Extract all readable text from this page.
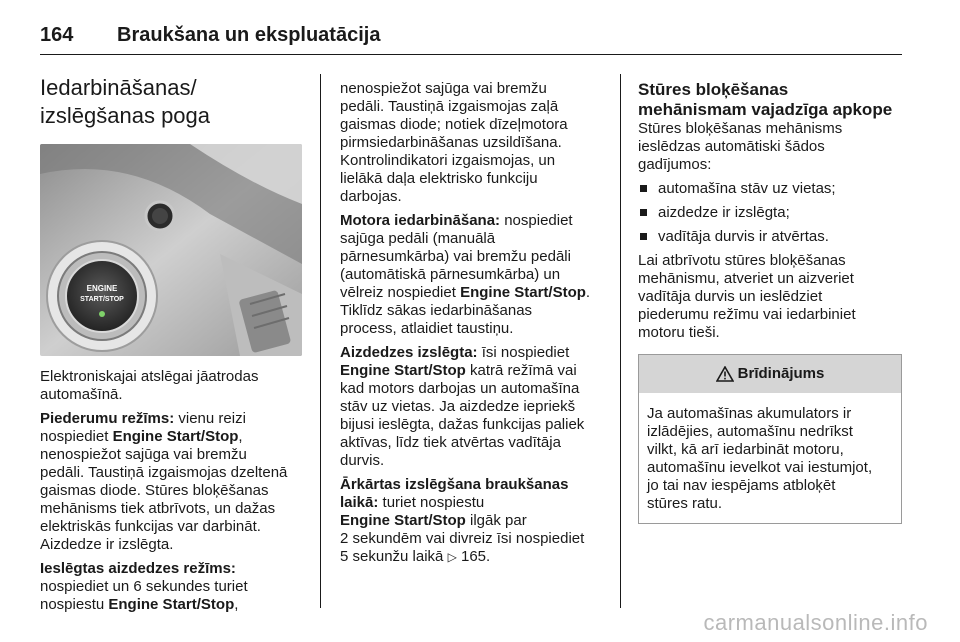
164 Braukšana un ekspluatācija
Iedarbināšanas/
izslēgšanas poga
ENGINE
START/STOP

Elektroniskajai atslēgai jāatrodas
automašīnā.

Piederumu režīms: vienu reizi
nospiediet Engine Start/Stop,
nenospiežot sajūga vai bremžu
pedāli. Taustiņā izgaismojas dzeltenā
gaismas diode. Stūres bloķēšanas
mehānisms tiek atbrīvots, un dažas
elektriskās funkcijas var darbināt.
Aizdedze ir izslēgta.

Ieslēgtas aizdedzes režīms:
nospiediet un 6 sekundes turiet
nospiestu Engine Start/Stop,

nenospiežot sajūga vai bremžu
pedāli. Taustiņā izgaismojas zaļā
gaismas diode; notiek dīzeļmotora
pirmsiedarbināšanas uzsildīšana.
Kontrolindikatori izgaismojas, un
lielākā daļa elektrisko funkciju
darbojas.

Motora iedarbināšana: nospiediet
sajūga pedāli (manuālā
pārnesumkārba) vai bremžu pedāli
(automātiskā pārnesumkārba) un
vēlreiz nospiediet Engine Start/Stop.
Tiklīdz sākas iedarbināšanas
process, atlaidiet taustiņu.

Aizdedzes izslēgta: īsi nospiediet
Engine Start/Stop katrā režīmā vai
kad motors darbojas un automašīna
stāv uz vietas. Ja aizdedze iepriekš
bijusi ieslēgta, dažas funkcijas paliek
aktīvas, līdz tiek atvērtas vadītāja
durvis.

Ārkārtas izslēgšana braukšanas
laikā: turiet nospiestu
Engine Start/Stop ilgāk par
2 sekundēm vai divreiz īsi nospiediet
5 sekunžu laikā ▷ 165.

Stūres bloķēšanas
mehānismam vajadzīga apkope

Stūres bloķēšanas mehānisms
ieslēdzas automātiski šādos
gadījumos:

automašīna stāv uz vietas;
aizdedze ir izslēgta;
vadītāja durvis ir atvērtas.

Lai atbrīvotu stūres bloķēšanas
mehānismu, atveriet un aizveriet
vadītāja durvis un ieslēdziet
piederumu režīmu vai iedarbiniet
motoru tieši.

Brīdinājums
Ja automašīnas akumulators ir
izlādējies, automašīnu nedrīkst
vilkt, kā arī iedarbināt motoru,
automašīnu ievelkot vai iestumjot,
jo tai nav iespējams atbloķēt
stūres ratu.
carmanualsonline.info
